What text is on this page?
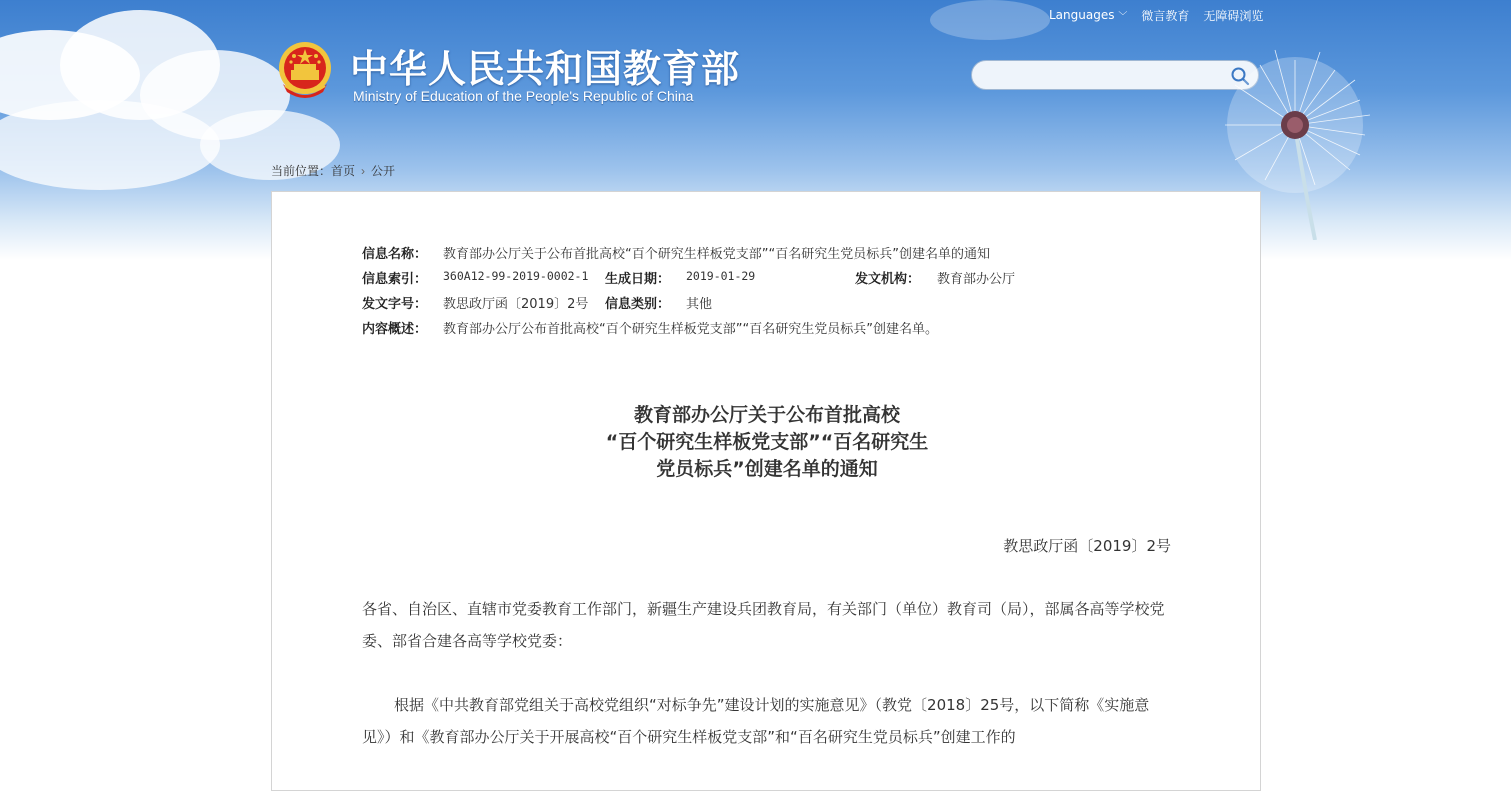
Languages ﹀ 微言教育 无障碍浏览
中华人民共和国教育部
Ministry of Education of the People's Republic of China
当前位置：首页 › 公开
信息名称： 教育部办公厅关于公布首批高校“百个研究生样板党支部”“百名研究生党员标兵”创建名单的通知
信息索引： 360A12-99-2019-0002-1 生成日期： 2019-01-29	发文机构： 教育部办公厅
发文字号： 教思政厅函〔2019〕2号 信息类别： 其他
内容概述： 教育部办公厅公布首批高校“百个研究生样板党支部”“百名研究生党员标兵”创建名单。
教育部办公厅关于公布首批高校
“百个研究生样板党支部”“百名研究生
党员标兵”创建名单的通知
教思政厅函〔2019〕2号
各省、自治区、直辖市党委教育工作部门，新疆生产建设兵团教育局，有关部门（单位）教育司（局），部属各高等学校党委、部省合建各高等学校党委：
根据《中共教育部党组关于高校党组织“对标争先”建设计划的实施意见》（教党〔2018〕25号，以下简称《实施意见》）和《教育部办公厅关于开展高校“百个研究生样板党支部”和“百名研究生党员标兵”创建工作的
